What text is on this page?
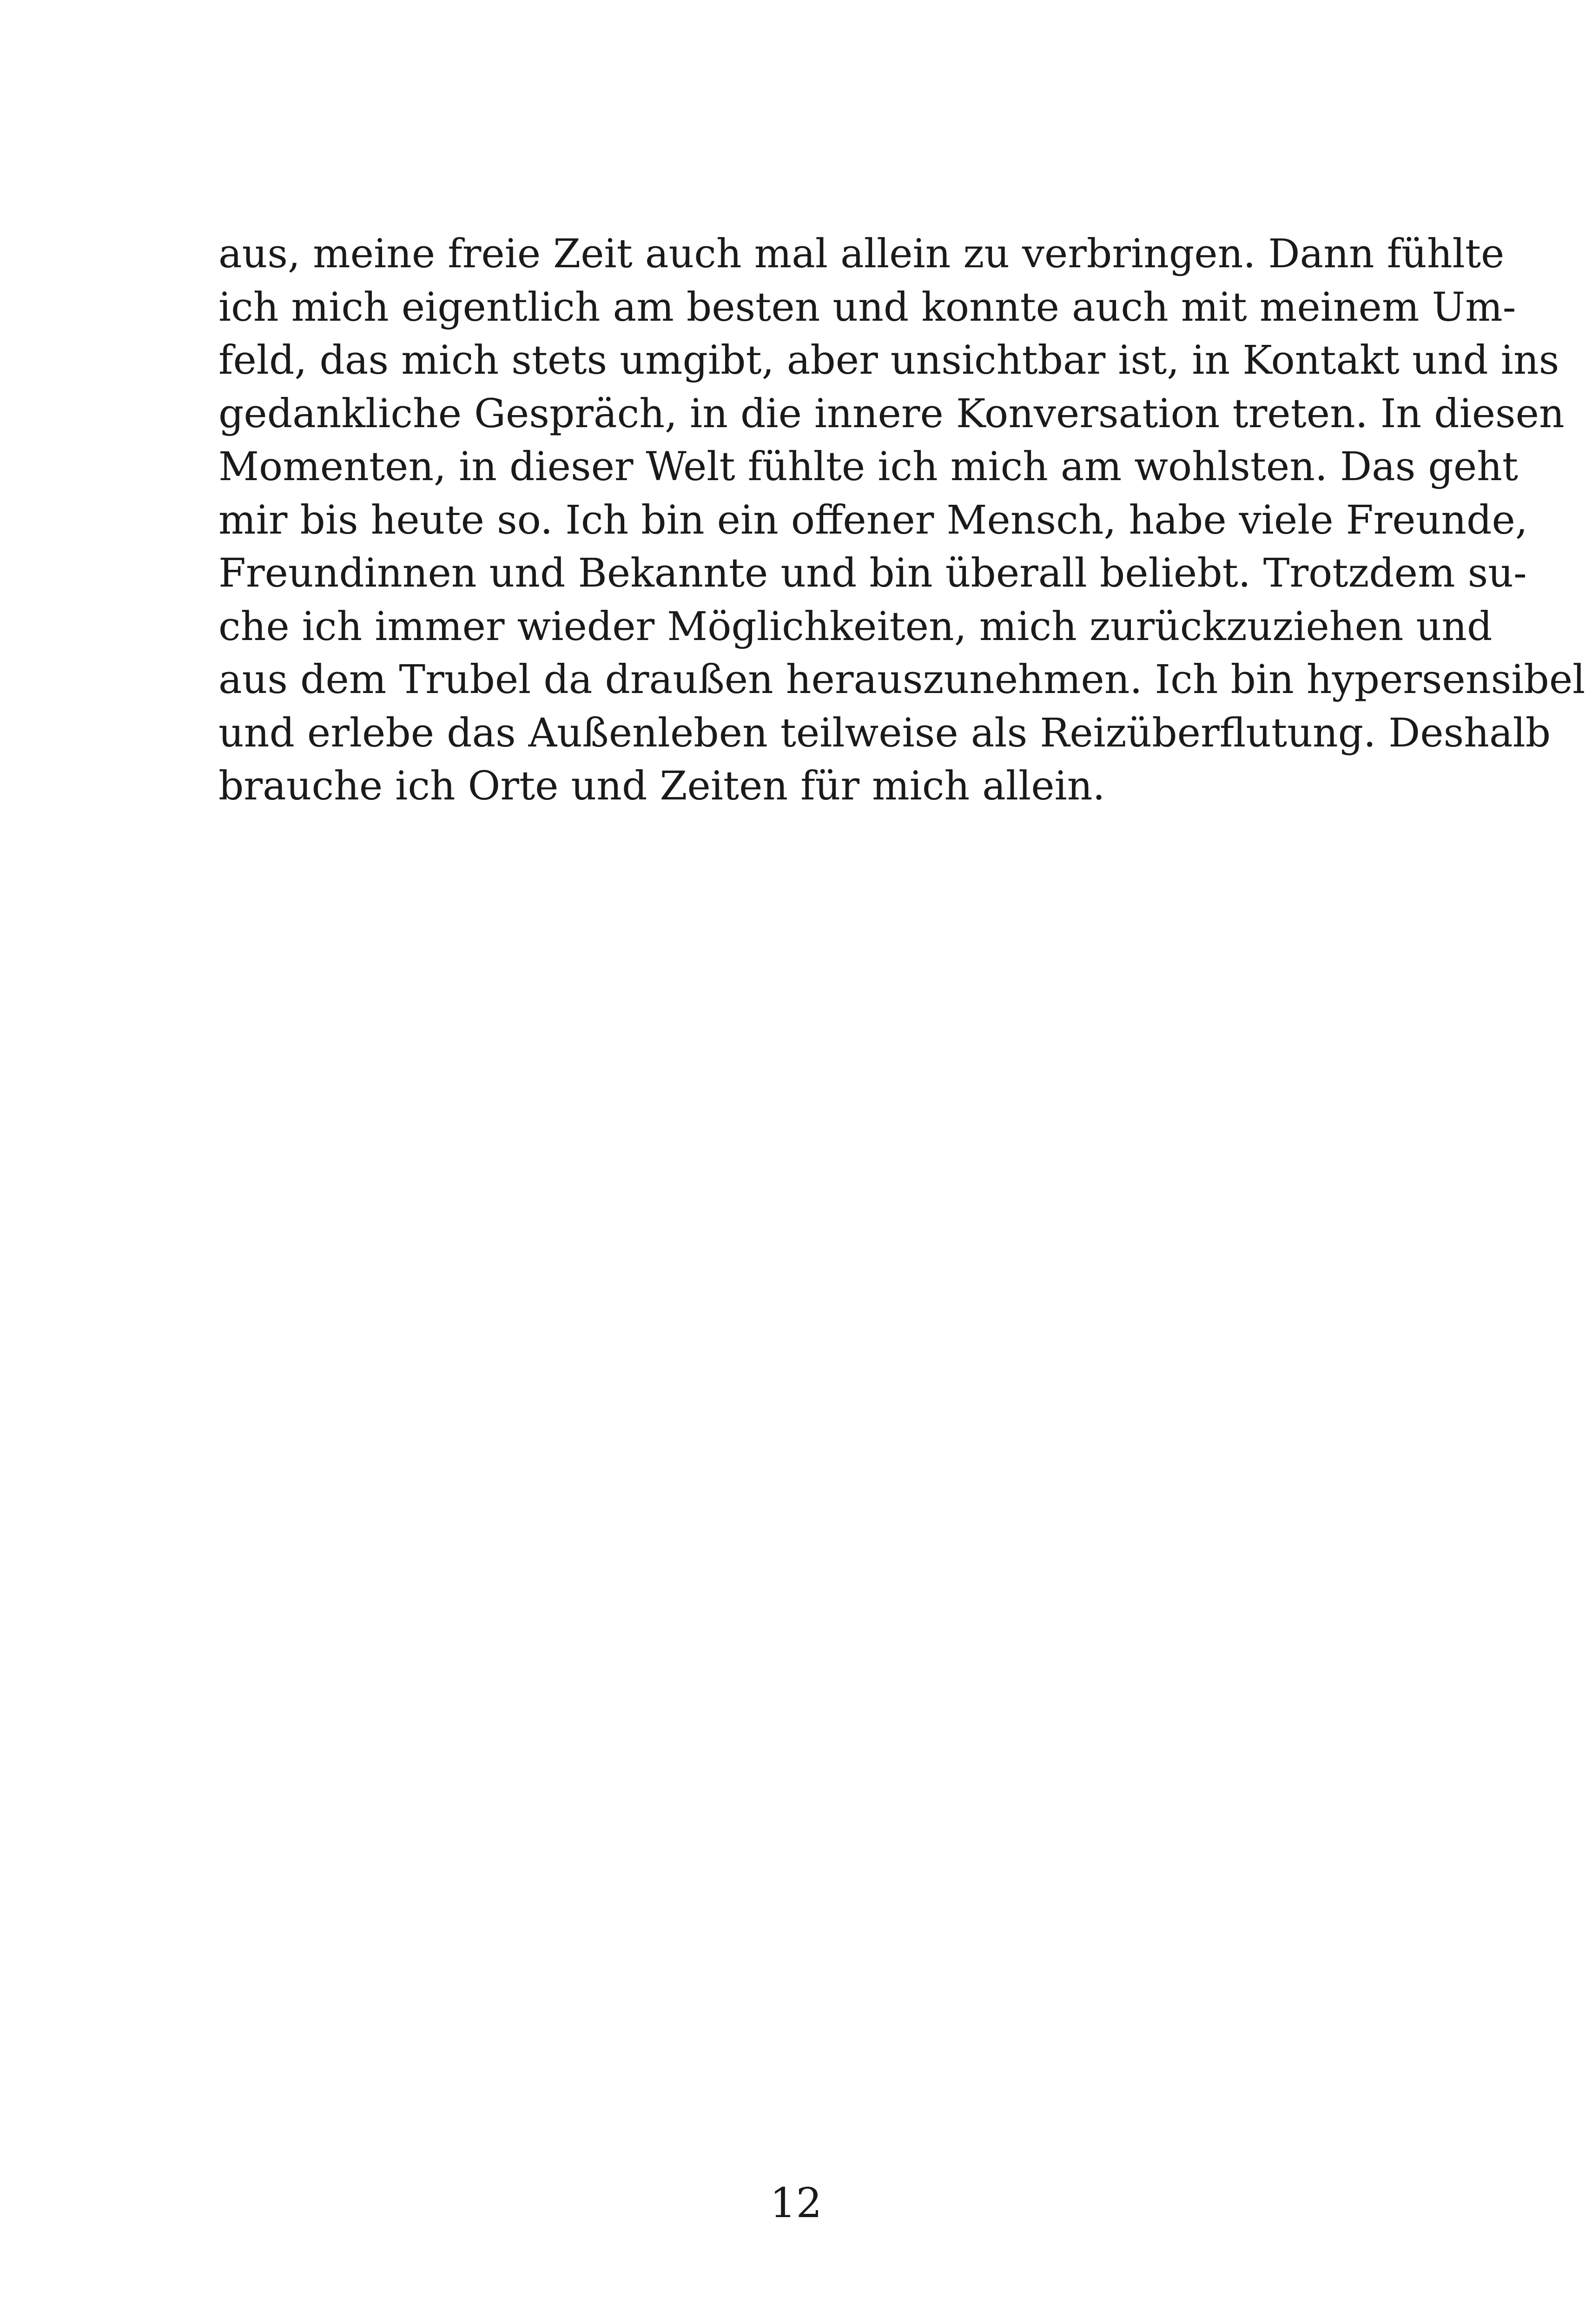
aus, meine freie Zeit auch mal allein zu verbringen. Dann fühlte
ich mich eigentlich am besten und konnte auch mit meinem Um-
feld, das mich stets umgibt, aber unsichtbar ist, in Kontakt und ins
gedankliche Gespräch, in die innere Konversation treten. In diesen
Momenten, in dieser Welt fühlte ich mich am wohlsten. Das geht
mir bis heute so. Ich bin ein offener Mensch, habe viele Freunde,
Freundinnen und Bekannte und bin überall beliebt. Trotzdem su-
che ich immer wieder Möglichkeiten, mich zurückzuziehen und
aus dem Trubel da draußen herauszunehmen. Ich bin hypersensibel
und erlebe das Außenleben teilweise als Reizüberflutung. Deshalb
brauche ich Orte und Zeiten für mich allein.
12
